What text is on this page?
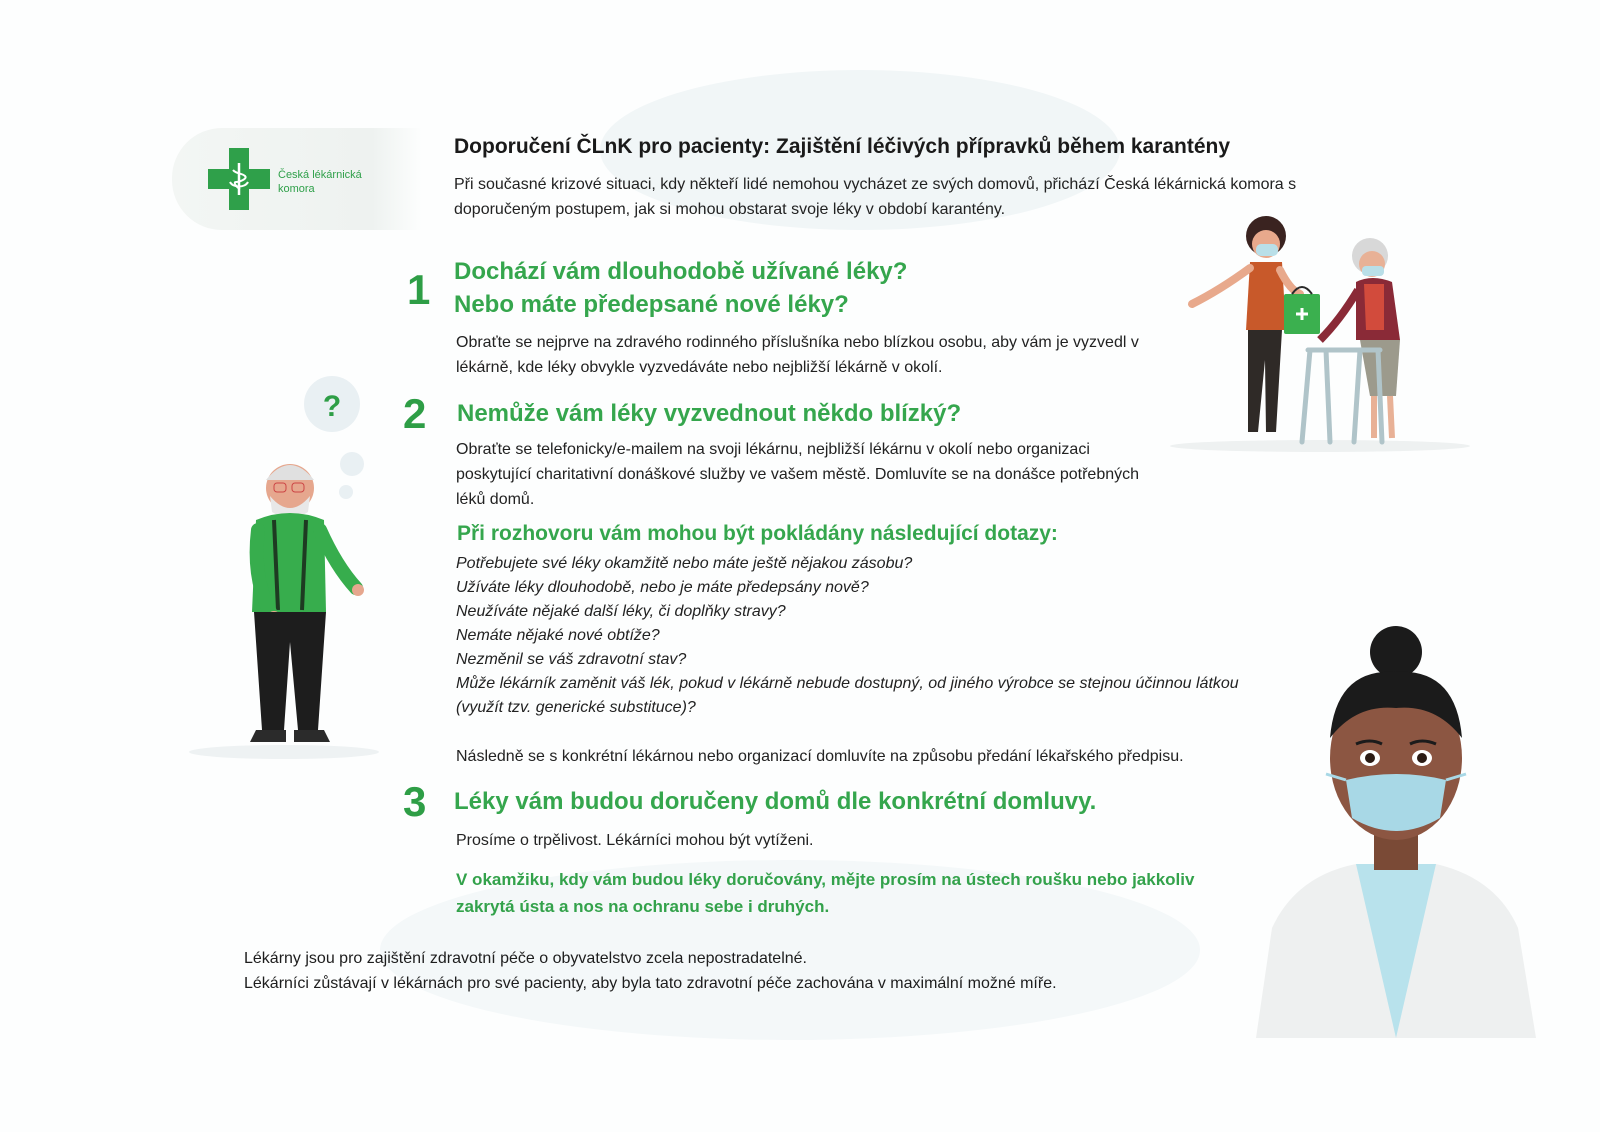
Česká lékárnická
komora
Doporučení ČLnK pro pacienty: Zajištění léčivých přípravků během karantény
Při současné krizové situaci, kdy někteří lidé nemohou vycházet ze svých domovů, přichází Česká lékárnická komora s doporučeným postupem, jak si mohou obstarat svoje léky v období karantény.
1 Dochází vám dlouhodobě užívané léky?
Nebo máte předepsané nové léky?
Obraťte se nejprve na zdravého rodinného příslušníka nebo blízkou osobu, aby vám je vyzvedl v lékárně, kde léky obvykle vyzvedáváte nebo nejbližší lékárně v okolí.
2 Nemůže vám léky vyzvednout někdo blízký?
Obraťte se telefonicky/e-mailem na svoji lékárnu, nejbližší lékárnu v okolí nebo organizaci poskytující charitativní donáškové služby ve vašem městě. Domluvíte se na donášce potřebných léků domů.
Při rozhovoru vám mohou být pokládány následující dotazy:
Potřebujete své léky okamžitě nebo máte ještě nějakou zásobu?
Užíváte léky dlouhodobě, nebo je máte předepsány nově?
Neužíváte nějaké další léky, či doplňky stravy?
Nemáte nějaké nové obtíže?
Nezměnil se váš zdravotní stav?
Může lékárník zaměnit váš lék, pokud v lékárně nebude dostupný, od jiného výrobce se stejnou účinnou látkou (využít tzv. generické substituce)?
Následně se s konkrétní lékárnou nebo organizací domluvíte na způsobu předání lékařského předpisu.
3 Léky vám budou doručeny domů dle konkrétní domluvy.
Prosíme o trpělivost. Lékárníci mohou být vytíženi.
V okamžiku, kdy vám budou léky doručovány, mějte prosím na ústech roušku nebo jakkoliv zakrytá ústa a nos na ochranu sebe i druhých.
Lékárny jsou pro zajištění zdravotní péče o obyvatelstvo zcela nepostradatelné.
Lékárníci zůstávají v lékárnách pro své pacienty, aby byla tato zdravotní péče zachována v maximální možné míře.
?
